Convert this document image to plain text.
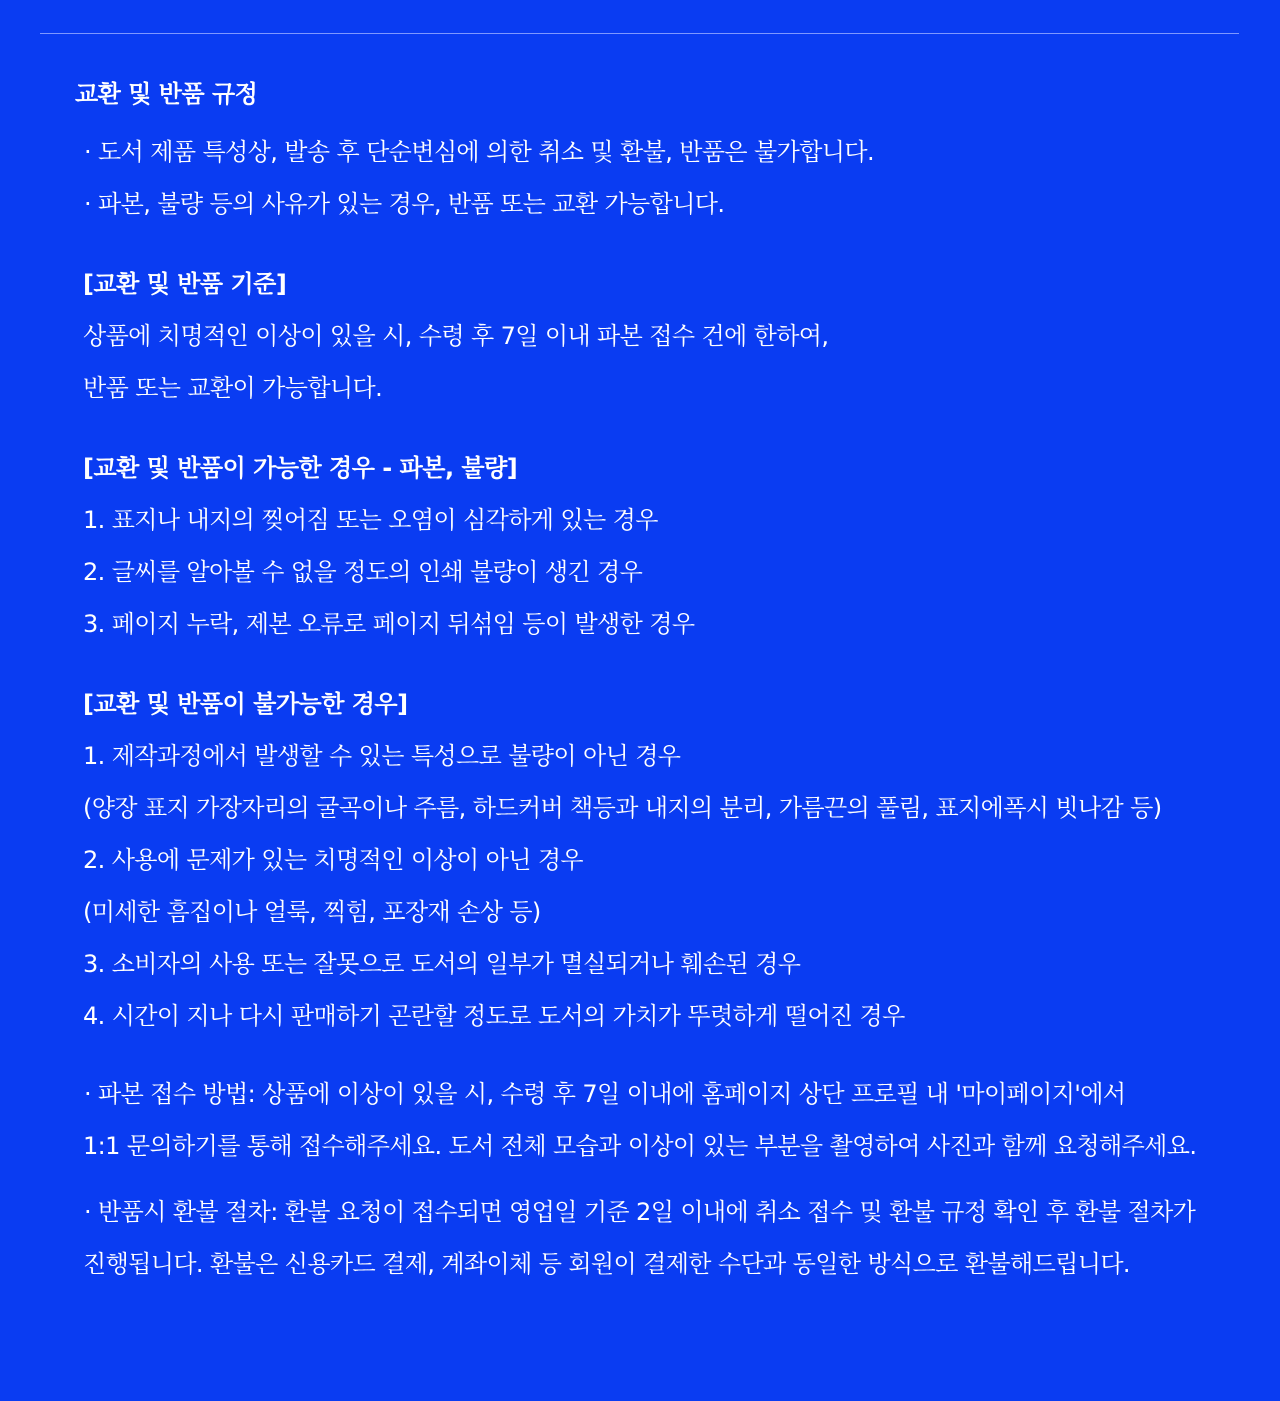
교환 및 반품 규정
· 도서 제품 특성상, 발송 후 단순변심에 의한 취소 및 환불, 반품은 불가합니다.
· 파본, 불량 등의 사유가 있는 경우, 반품 또는 교환 가능합니다.
[교환 및 반품 기준]
상품에 치명적인 이상이 있을 시, 수령 후 7일 이내 파본 접수 건에 한하여,
반품 또는 교환이 가능합니다.
[교환 및 반품이 가능한 경우 - 파본, 불량]
1. 표지나 내지의 찢어짐 또는 오염이 심각하게 있는 경우
2. 글씨를 알아볼 수 없을 정도의 인쇄 불량이 생긴 경우
3. 페이지 누락, 제본 오류로 페이지 뒤섞임 등이 발생한 경우
[교환 및 반품이 불가능한 경우]
1. 제작과정에서 발생할 수 있는 특성으로 불량이 아닌 경우
(양장 표지 가장자리의 굴곡이나 주름, 하드커버 책등과 내지의 분리, 가름끈의 풀림, 표지에폭시 빗나감 등)
2. 사용에 문제가 있는 치명적인 이상이 아닌 경우
(미세한 흠집이나 얼룩, 찍힘, 포장재 손상 등)
3. 소비자의 사용 또는 잘못으로 도서의 일부가 멸실되거나 훼손된 경우
4. 시간이 지나 다시 판매하기 곤란할 정도로 도서의 가치가 뚜렷하게 떨어진 경우
· 파본 접수 방법: 상품에 이상이 있을 시, 수령 후 7일 이내에 홈페이지 상단 프로필 내 '마이페이지'에서
1:1 문의하기를 통해 접수해주세요. 도서 전체 모습과 이상이 있는 부분을 촬영하여 사진과 함께 요청해주세요.
· 반품시 환불 절차: 환불 요청이 접수되면 영업일 기준 2일 이내에 취소 접수 및 환불 규정 확인 후 환불 절차가
진행됩니다. 환불은 신용카드 결제, 계좌이체 등 회원이 결제한 수단과 동일한 방식으로 환불해드립니다.
